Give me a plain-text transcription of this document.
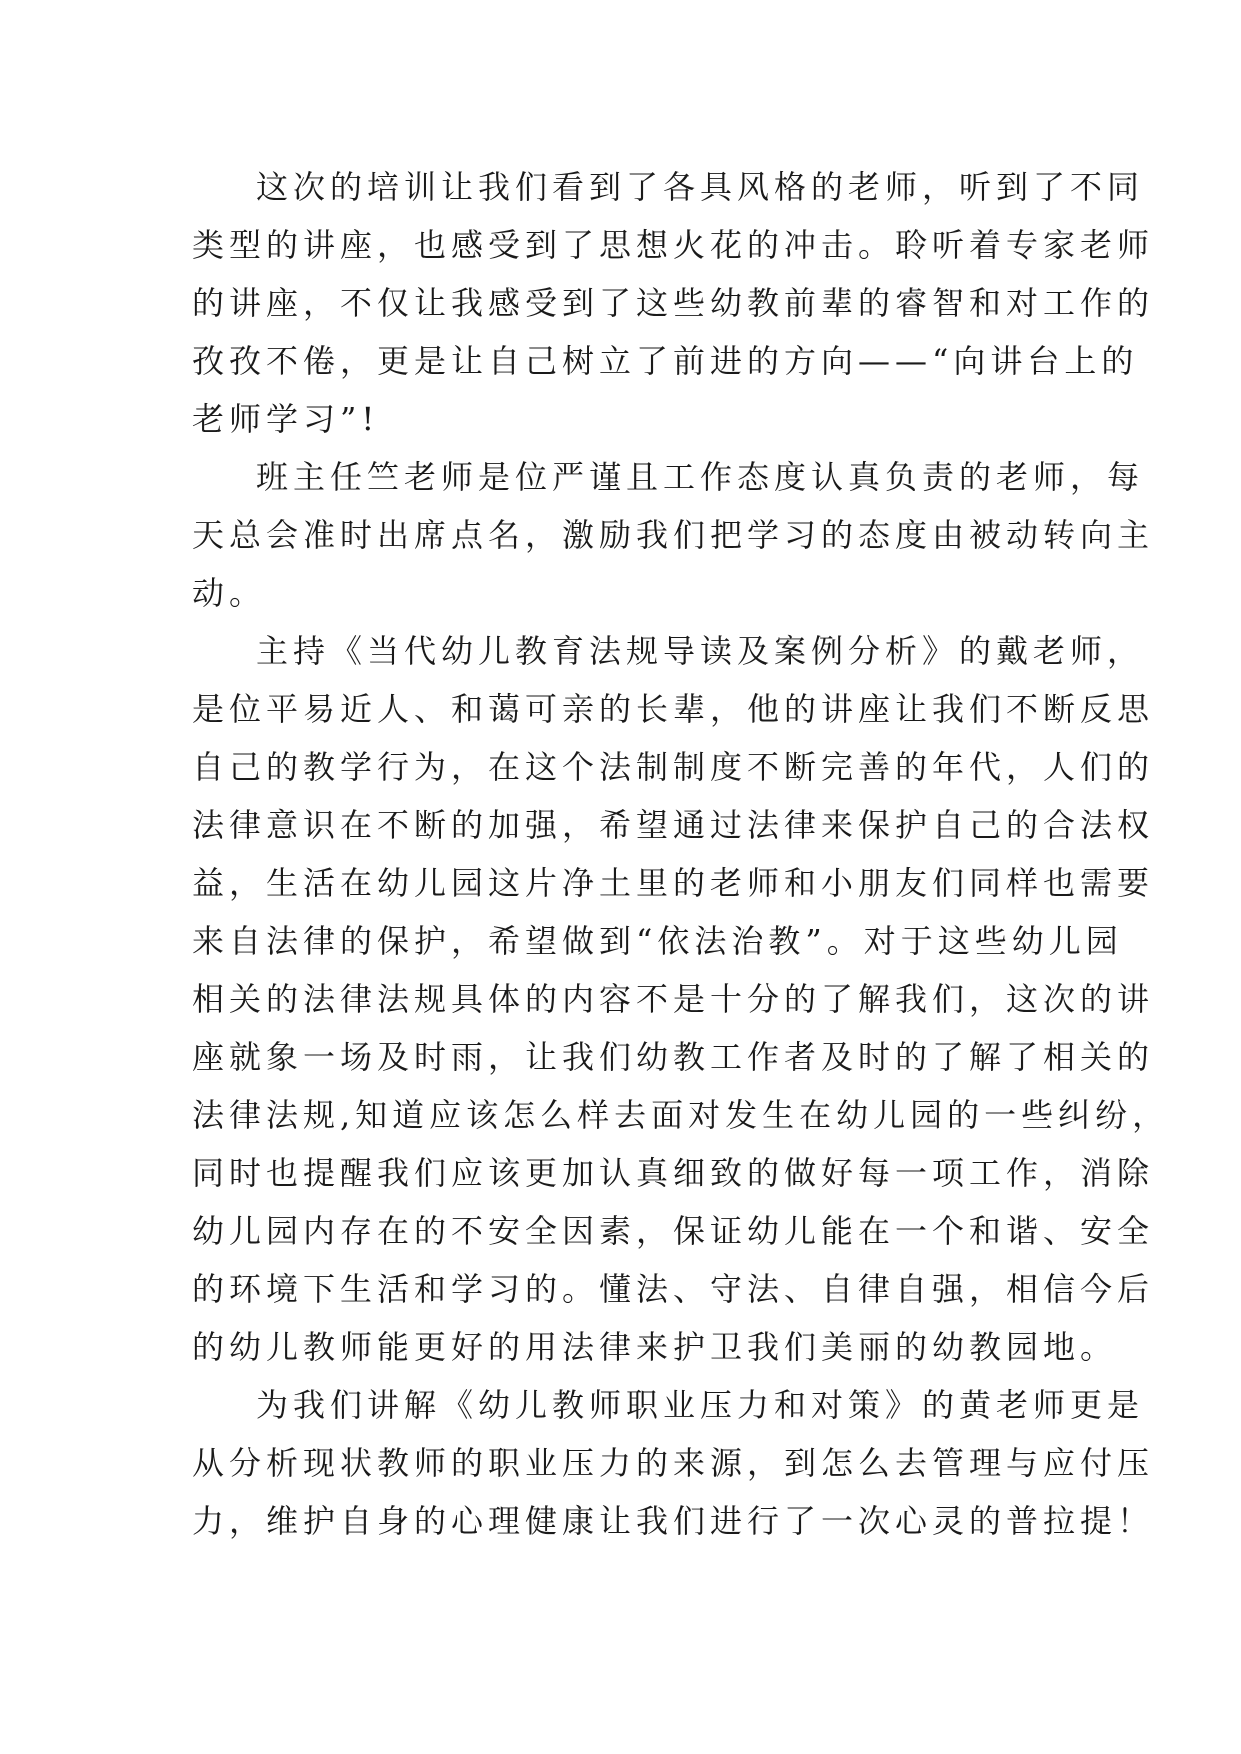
这次的培训让我们看到了各具风格的老师，听到了不同
类型的讲座，也感受到了思想火花的冲击。聆听着专家老师
的讲座，不仅让我感受到了这些幼教前辈的睿智和对工作的
孜孜不倦，更是让自己树立了前进的方向——“向讲台上的
老师学习”!

班主任竺老师是位严谨且工作态度认真负责的老师，每
天总会准时出席点名，激励我们把学习的态度由被动转向主
动。

主持《当代幼儿教育法规导读及案例分析》的戴老师，
是位平易近人、和蔼可亲的长辈，他的讲座让我们不断反思
自己的教学行为，在这个法制制度不断完善的年代，人们的
法律意识在不断的加强，希望通过法律来保护自己的合法权
益，生活在幼儿园这片净土里的老师和小朋友们同样也需要
来自法律的保护，希望做到“依法治教”。对于这些幼儿园
相关的法律法规具体的内容不是十分的了解我们，这次的讲
座就象一场及时雨，让我们幼教工作者及时的了解了相关的
法律法规,知道应该怎么样去面对发生在幼儿园的一些纠纷，
同时也提醒我们应该更加认真细致的做好每一项工作，消除
幼儿园内存在的不安全因素，保证幼儿能在一个和谐、安全
的环境下生活和学习的。懂法、守法、自律自强，相信今后
的幼儿教师能更好的用法律来护卫我们美丽的幼教园地。

为我们讲解《幼儿教师职业压力和对策》的黄老师更是
从分析现状教师的职业压力的来源，到怎么去管理与应付压
力，维护自身的心理健康让我们进行了一次心灵的普拉提！
